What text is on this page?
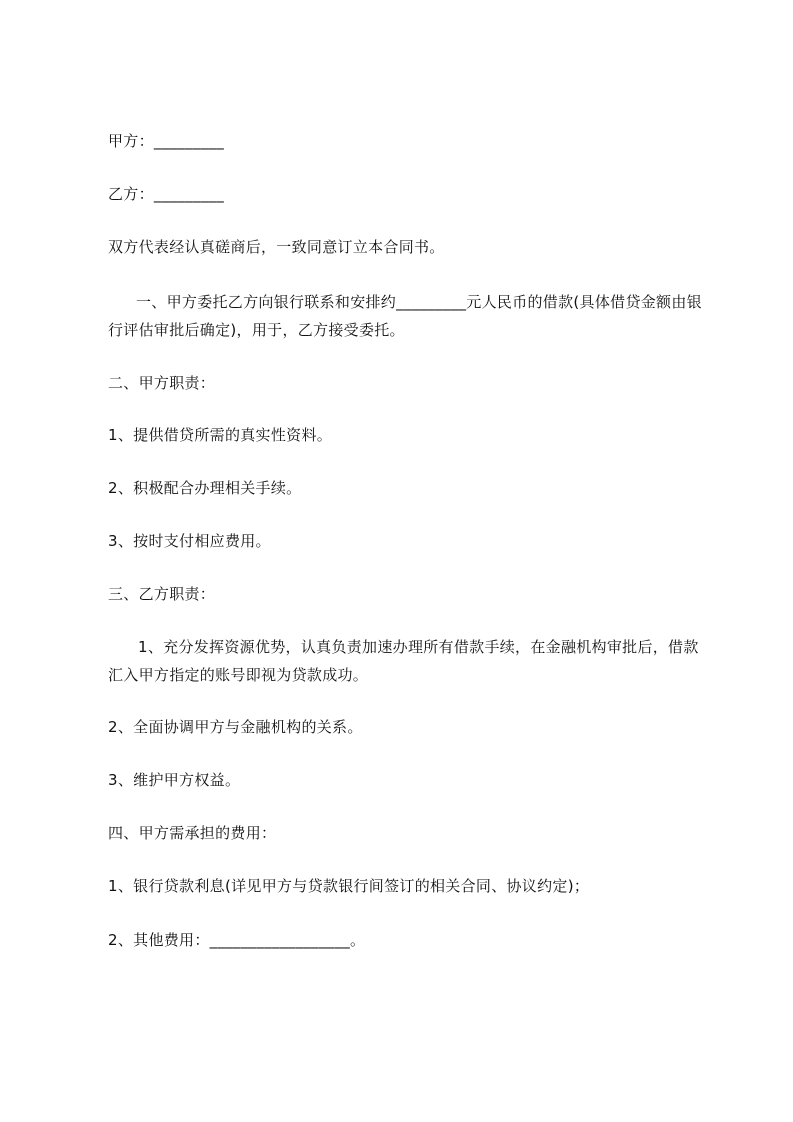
甲方：_________

乙方：_________

双方代表经认真磋商后，一致同意订立本合同书。

一、甲方委托乙方向银行联系和安排约_________元人民币的借款(具体借贷金额由银行评估审批后确定)，用于，乙方接受委托。

二、甲方职责：

1、提供借贷所需的真实性资料。

2、积极配合办理相关手续。

3、按时支付相应费用。

三、乙方职责：

1、充分发挥资源优势，认真负责加速办理所有借款手续，在金融机构审批后，借款汇入甲方指定的账号即视为贷款成功。

2、全面协调甲方与金融机构的关系。

3、维护甲方权益。

四、甲方需承担的费用：

1、银行贷款利息(详见甲方与贷款银行间签订的相关合同、协议约定)；

2、其他费用：__________________。
